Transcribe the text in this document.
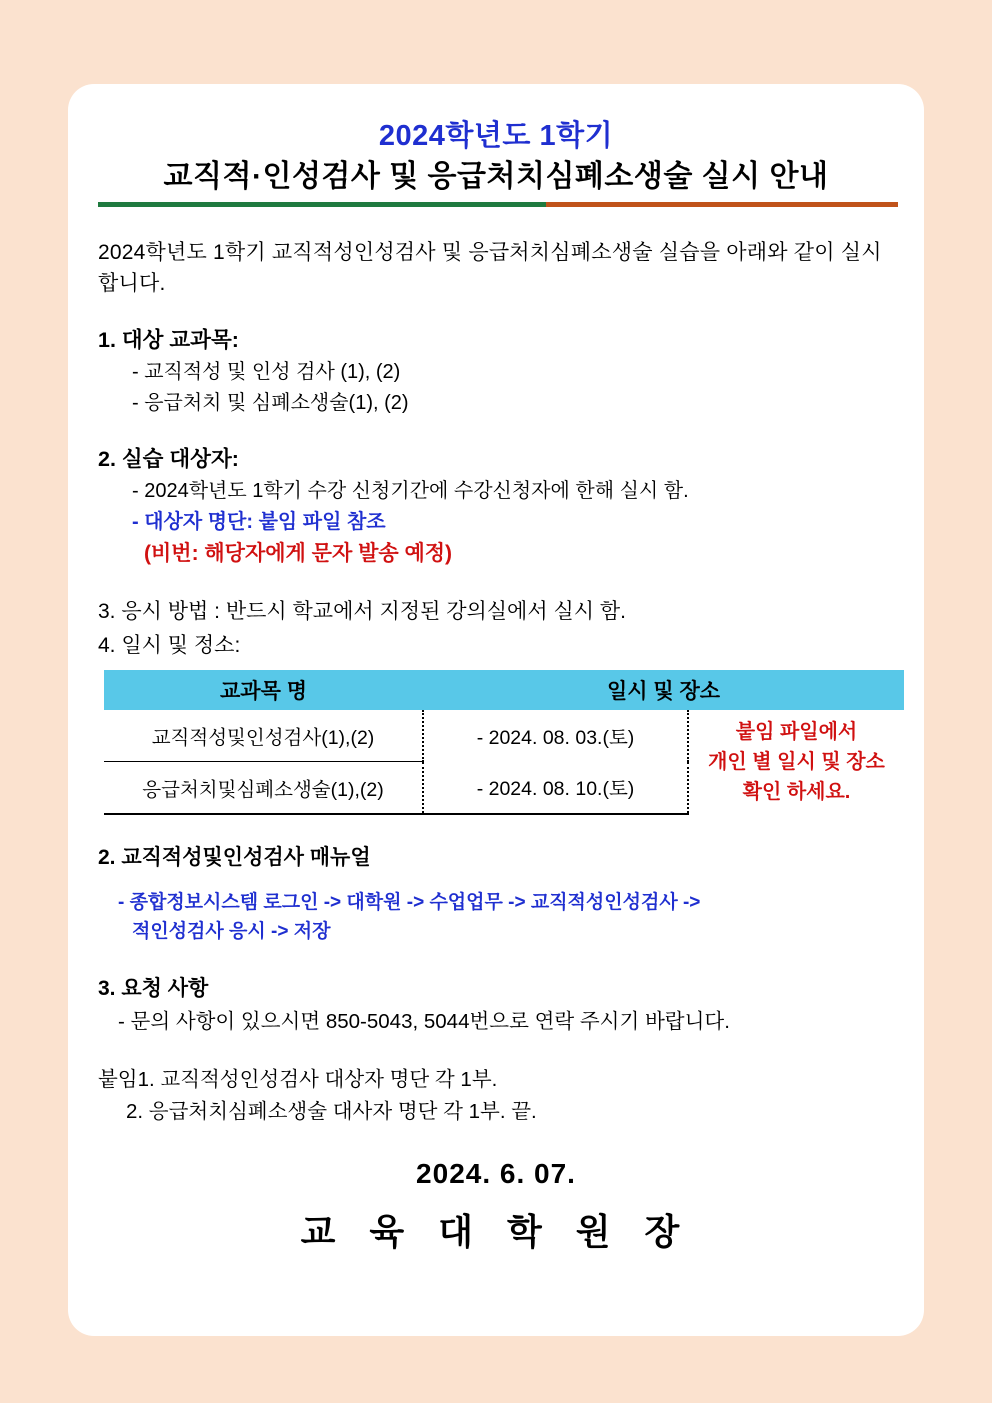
2024학년도 1학기
교직적·인성검사 및 응급처치심폐소생술 실시 안내
2024학년도 1학기 교직적성인성검사 및 응급처치심폐소생술 실습을 아래와 같이 실시 합니다.
1. 대상 교과목:
- 교직적성 및 인성 검사 (1), (2)
- 응급처치 및 심폐소생술(1), (2)
2. 실습 대상자:
- 2024학년도 1학기 수강 신청기간에 수강신청자에 한해 실시 함.
- 대상자 명단: 붙임 파일 참조
(비번: 해당자에게 문자 발송 예정)
3. 응시 방법 : 반드시 학교에서 지정된 강의실에서 실시 함.
4. 일시 및 정소:
교과목 명	일시 및 장소	
교직적성및인성검사(1),(2)	- 2024. 08. 03.(토)	붙임 파일에서
개인 별 일시 및 장소
확인 하세요.

응급처치및심폐소생술(1),(2)	- 2024. 08. 10.(토)	
2. 교직적성및인성검사 매뉴얼
- 종합정보시스템 로그인 -> 대학원 -> 수업업무 -> 교직적성인성검사 ->
적인성검사 응시 -> 저장
3. 요청 사항
- 문의 사항이 있으시면 850-5043, 5044번으로 연락 주시기 바랍니다.
붙임1. 교직적성인성검사 대상자 명단 각 1부.
2. 응급처치심폐소생술 대사자 명단 각 1부. 끝.
2024. 6. 07.
교 육 대 학 원 장
